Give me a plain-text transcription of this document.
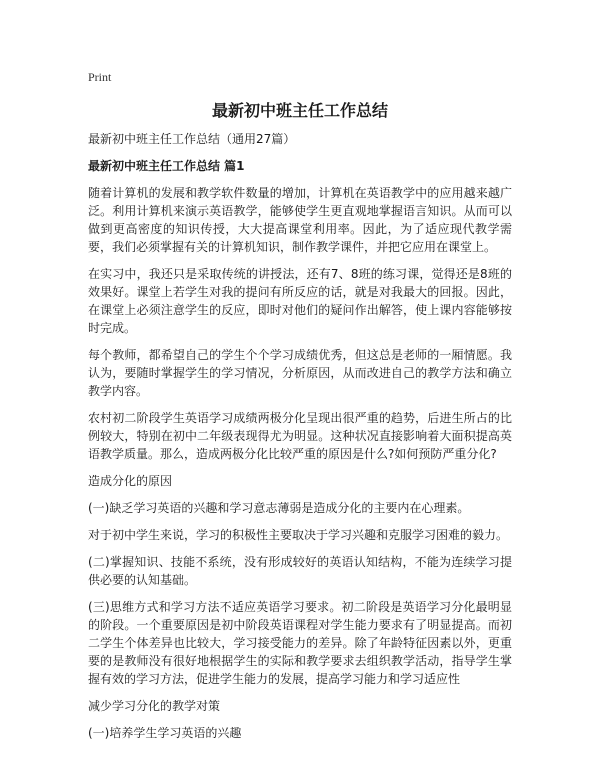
Print
最新初中班主任工作总结

最新初中班主任工作总结（通用27篇）

最新初中班主任工作总结 篇1

随着计算机的发展和教学软件数量的增加，计算机在英语教学中的应用越来越广泛。利用计算机来演示英语教学，能够使学生更直观地掌握语言知识。从而可以做到更高密度的知识传授，大大提高课堂利用率。因此，为了适应现代教学需要，我们必须掌握有关的计算机知识，制作教学课件，并把它应用在课堂上。

在实习中，我还只是采取传统的讲授法，还有7、8班的练习课，觉得还是8班的效果好。课堂上若学生对我的提问有所反应的话，就是对我最大的回报。因此，在课堂上必须注意学生的反应，即时对他们的疑问作出解答，使上课内容能够按时完成。

每个教师，都希望自己的学生个个学习成绩优秀，但这总是老师的一厢情愿。我认为，要随时掌握学生的学习情况，分析原因，从而改进自己的教学方法和确立教学内容。

农村初二阶段学生英语学习成绩两极分化呈现出很严重的趋势，后进生所占的比例较大，特别在初中二年级表现得尤为明显。这种状况直接影响着大面积提高英语教学质量。那么，造成两极分化比较严重的原因是什么?如何预防严重分化?

造成分化的原因

(一)缺乏学习英语的兴趣和学习意志薄弱是造成分化的主要内在心理素。

对于初中学生来说，学习的积极性主要取决于学习兴趣和克服学习困难的毅力。

(二)掌握知识、技能不系统，没有形成较好的英语认知结构，不能为连续学习提供必要的认知基础。

(三)思维方式和学习方法不适应英语学习要求。初二阶段是英语学习分化最明显的阶段。一个重要原因是初中阶段英语课程对学生能力要求有了明显提高。而初二学生个体差异也比较大，学习接受能力的差异。除了年龄特征因素以外，更重要的是教师没有很好地根据学生的实际和教学要求去组织教学活动，指导学生掌握有效的学习方法，促进学生能力的发展，提高学习能力和学习适应性

减少学习分化的教学对策

(一)培养学生学习英语的兴趣
